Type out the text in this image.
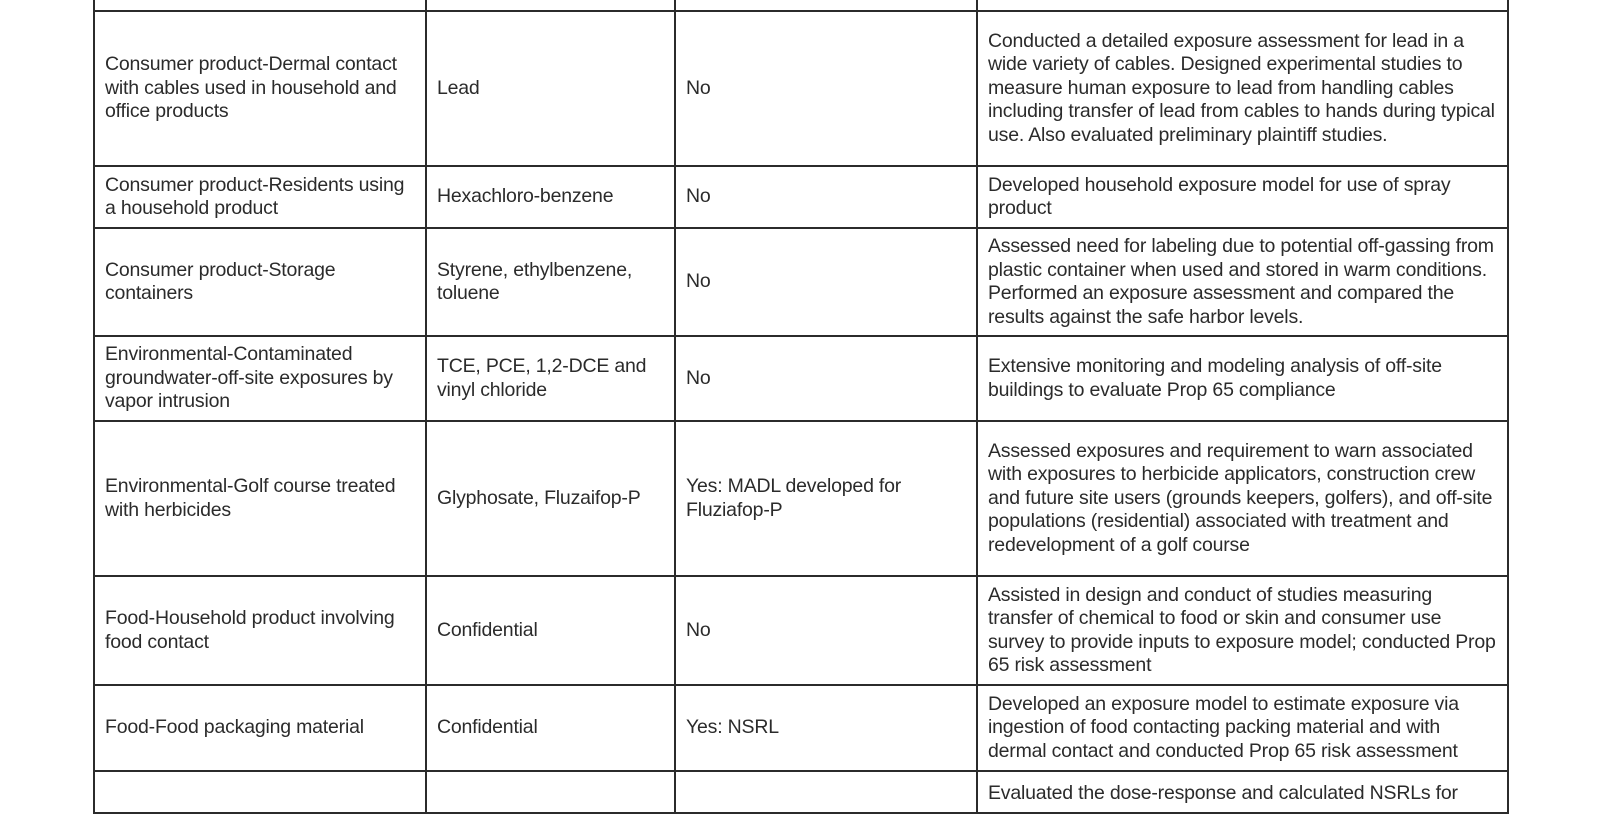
Consumer product-Dermal contact with cables used in household and office products	Lead	No	Conducted a detailed exposure assessment for lead in a wide variety of cables. Designed experimental studies to measure human exposure to lead from handling cables including transfer of lead from cables to hands during typical use. Also evaluated preliminary plaintiff studies.
Consumer product-Residents using a household product	Hexachloro-benzene	No	Developed household exposure model for use of spray product
Consumer product-Storage containers	Styrene, ethylbenzene, toluene	No	Assessed need for labeling due to potential off-gassing from plastic container when used and stored in warm conditions. Performed an exposure assessment and compared the results against the safe harbor levels.
Environmental-Contaminated groundwater-off-site exposures by vapor intrusion	TCE, PCE, 1,2-DCE and vinyl chloride	No	Extensive monitoring and modeling analysis of off-site buildings to evaluate Prop 65 compliance
Environmental-Golf course treated with herbicides	Glyphosate, Fluzaifop-P	Yes: MADL developed for Fluziafop-P	Assessed exposures and requirement to warn associated with exposures to herbicide applicators, construction crew and future site users (grounds keepers, golfers), and off-site populations (residential) associated with treatment and redevelopment of a golf course
Food-Household product involving food contact	Confidential	No	Assisted in design and conduct of studies measuring transfer of chemical to food or skin and consumer use survey to provide inputs to exposure model; conducted Prop 65 risk assessment
Food-Food packaging material	Confidential	Yes: NSRL	Developed an exposure model to estimate exposure via ingestion of food contacting packing material and with dermal contact and conducted Prop 65 risk assessment

			Evaluated the dose-response and calculated NSRLs for
